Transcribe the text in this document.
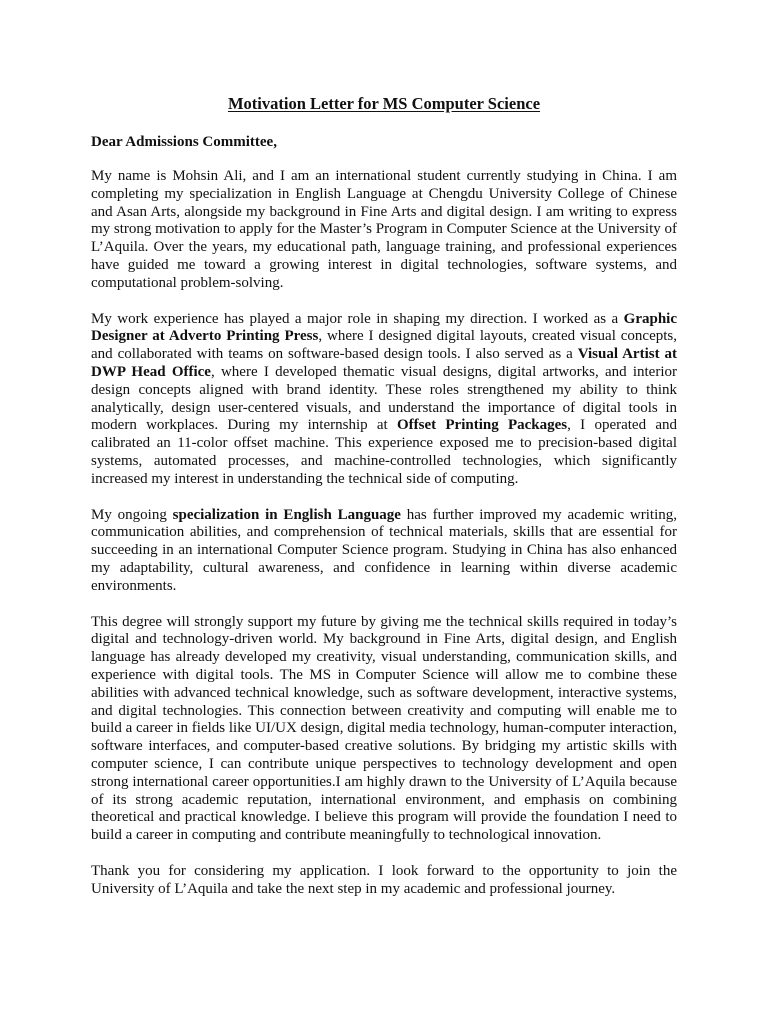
Motivation Letter for MS Computer Science

Dear Admissions Committee,

My name is Mohsin Ali, and I am an international student currently studying in China. I am completing my specialization in English Language at Chengdu University College of Chinese and Asan Arts, alongside my background in Fine Arts and digital design. I am writing to express my strong motivation to apply for the Master’s Program in Computer Science at the University of L’Aquila. Over the years, my educational path, language training, and professional experiences have guided me toward a growing interest in digital technologies, software systems, and computational problem-solving.

My work experience has played a major role in shaping my direction. I worked as a Graphic Designer at Adverto Printing Press, where I designed digital layouts, created visual concepts, and collaborated with teams on software-based design tools. I also served as a Visual Artist at DWP Head Office, where I developed thematic visual designs, digital artworks, and interior design concepts aligned with brand identity. These roles strengthened my ability to think analytically, design user-centered visuals, and understand the importance of digital tools in modern workplaces. During my internship at Offset Printing Packages, I operated and calibrated an 11-color offset machine. This experience exposed me to precision-based digital systems, automated processes, and machine-controlled technologies, which significantly increased my interest in understanding the technical side of computing.

My ongoing specialization in English Language has further improved my academic writing, communication abilities, and comprehension of technical materials, skills that are essential for succeeding in an international Computer Science program. Studying in China has also enhanced my adaptability, cultural awareness, and confidence in learning within diverse academic environments.

This degree will strongly support my future by giving me the technical skills required in today’s digital and technology-driven world. My background in Fine Arts, digital design, and English language has already developed my creativity, visual understanding, communication skills, and experience with digital tools. The MS in Computer Science will allow me to combine these abilities with advanced technical knowledge, such as software development, interactive systems, and digital technologies. This connection between creativity and computing will enable me to build a career in fields like UI/UX design, digital media technology, human-computer interaction, software interfaces, and computer-based creative solutions. By bridging my artistic skills with computer science, I can contribute unique perspectives to technology development and open strong international career opportunities.I am highly drawn to the University of L’Aquila because of its strong academic reputation, international environment, and emphasis on combining theoretical and practical knowledge. I believe this program will provide the foundation I need to build a career in computing and contribute meaningfully to technological innovation.

Thank you for considering my application. I look forward to the opportunity to join the University of L’Aquila and take the next step in my academic and professional journey.
